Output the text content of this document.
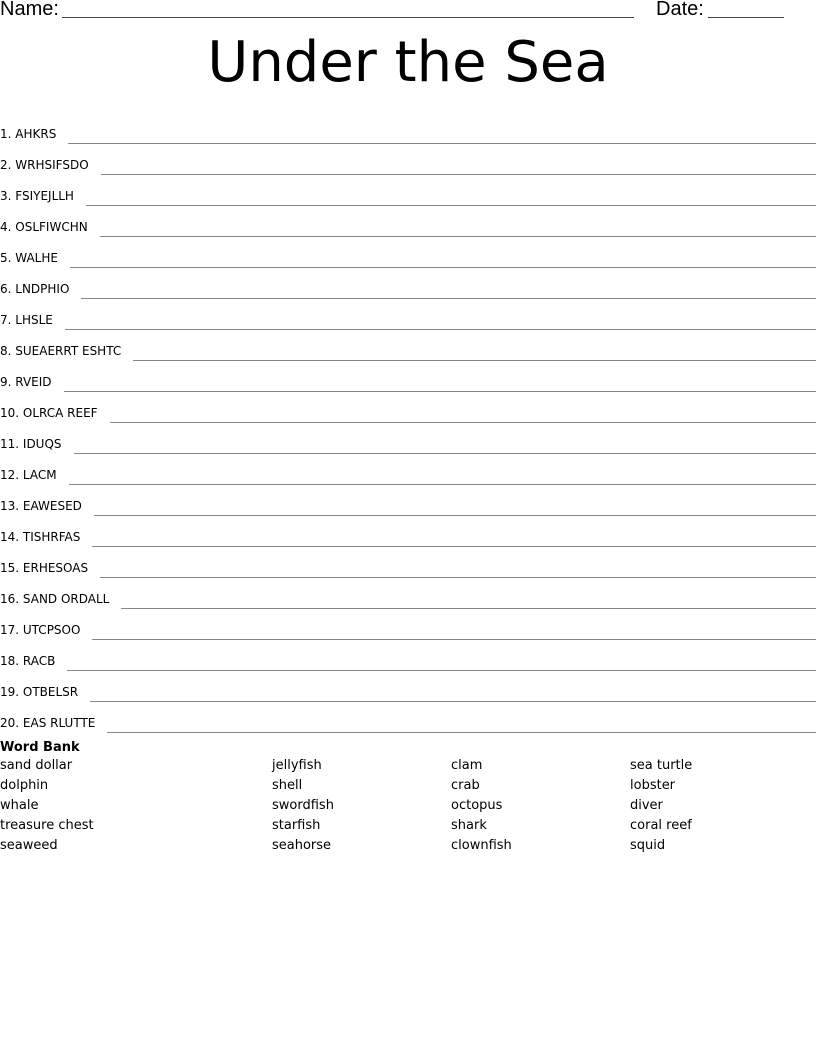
Name:	Date:
Under the Sea
1. AHKRS
2. WRHSIFSDO
3. FSIYEJLLH
4. OSLFIWCHN
5. WALHE
6. LNDPHIO
7. LHSLE
8. SUEAERRT ESHTC
9. RVEID
10. OLRCA REEF
11. IDUQS
12. LACM
13. EAWESED
14. TISHRFAS
15. ERHESOAS
16. SAND ORDALL
17. UTCPSOO
18. RACB
19. OTBELSR
20. EAS RLUTTE
Word Bank
sand dollar
dolphin
whale
treasure chest
seaweed
jellyfish
shell
swordfish
starfish
seahorse
clam
crab
octopus
shark
clownfish
sea turtle
lobster
diver
coral reef
squid
